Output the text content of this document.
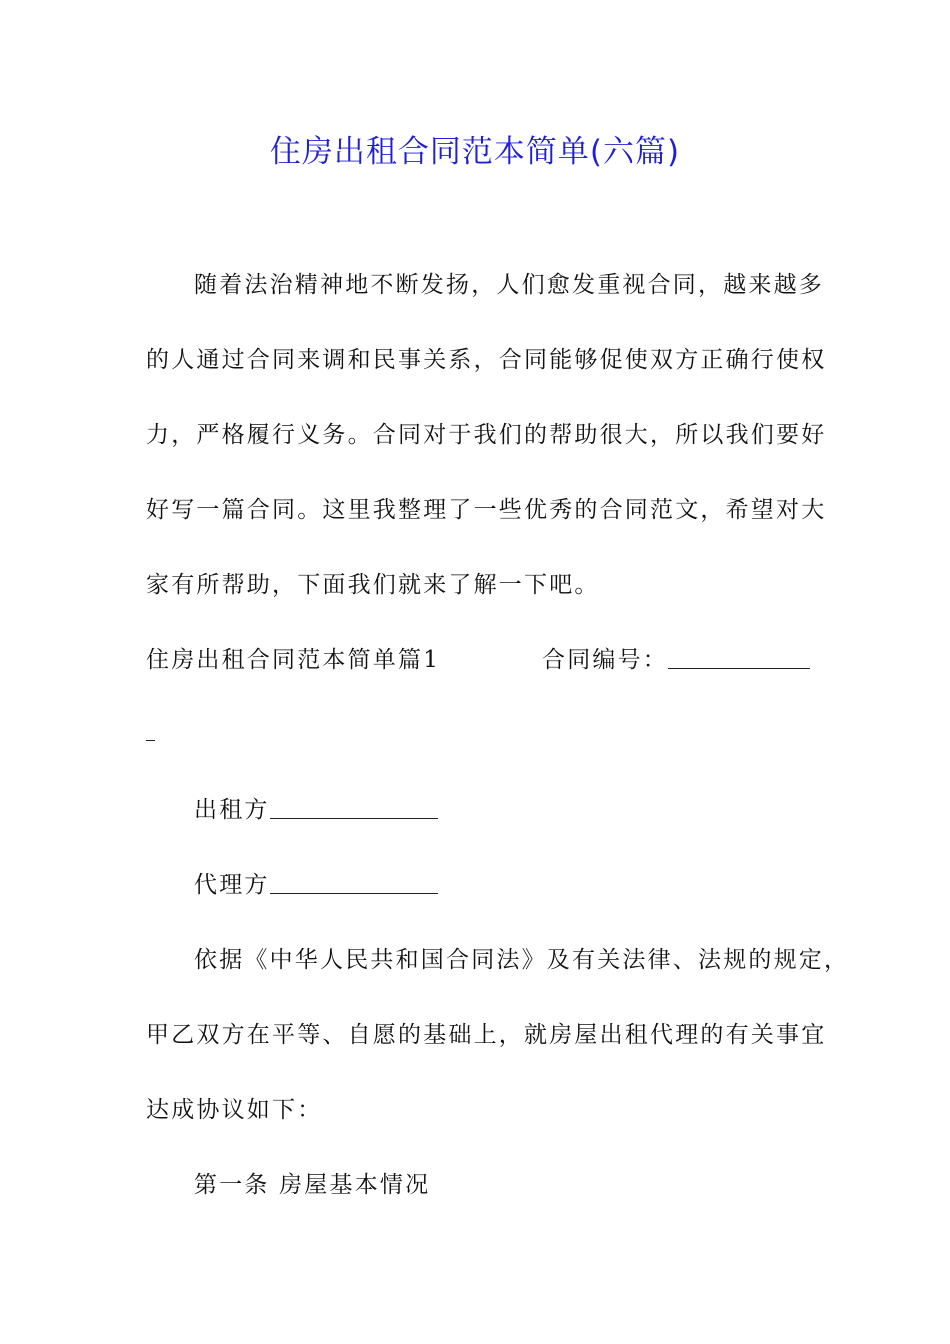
住房出租合同范本简单(六篇)
随着法治精神地不断发扬，人们愈发重视合同，越来越多
的人通过合同来调和民事关系，合同能够促使双方正确行使权
力，严格履行义务。合同对于我们的帮助很大，所以我们要好
好写一篇合同。这里我整理了一些优秀的合同范文，希望对大
家有所帮助，下面我们就来了解一下吧。
住房出租合同范本简单篇1	合同编号：
出租方
代理方
依据《中华人民共和国合同法》及有关法律、法规的规定，
甲乙双方在平等、自愿的基础上，就房屋出租代理的有关事宜
达成协议如下：
第一条 房屋基本情况
